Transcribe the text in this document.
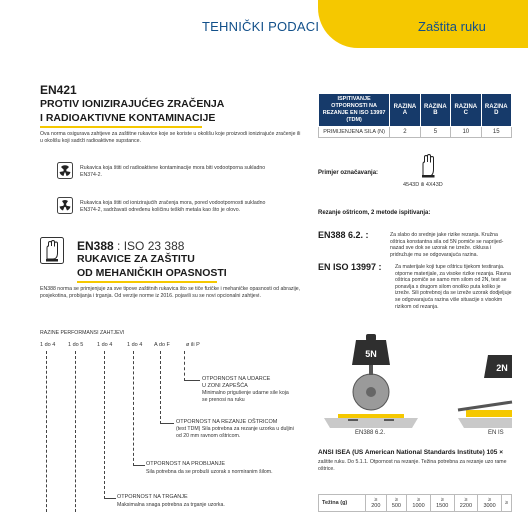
TEHNIČKI PODACI	Zaštita ruku
EN421
PROTIV IONIZIRAJUĆEG ZRAČENJA
I RADIOAKTIVNE KONTAMINACIJE
Ova norma osigurava zahtjeve za zaštitne rukavice koje se koriste u okolišu koje proizvodi ionizirajuće zračenje ili u okolišu koji sadrži radioaktivne supstance.
Rukavica koja štiti od radioaktivne kontaminacije mora biti vodootporna sukladno EN374-2.
Rukavica koja štiti od ionizirajućih zračenja mora, pored vodootpornosti sukladno EN374-2, sadržavati određenu količinu teških metala kao što je olovo.
EN388 : ISO 23 388
RUKAVICE ZA ZAŠTITU
OD MEHANIČKIH OPASNOSTI
EN388 norma se primjenjuje za sve tipove zaštitnih rukavica što se tiče fizičke i mehaničke opasnosti od abrazije, posjekotina, probijanja i trganja. Od verzije norme iz 2016. pojavili su se novi opcionalni zahtjevi.
RAZINE PERFORMANSI ZAHTJEVI
1 do 4 1 do 5 1 do 4	1 do 4 A do F	ø ili P
OTPORNOST NA UDARCE
U ZONI ZAPEŠĆA
Minimalno prigušenje udarne sile koja se prenosi na ruku
OTPORNOST NA REZANJE OŠTRICOM
(test TDM) Sila potrebna za rezanje uzorka u duljini od 20 mm ravnom oštricom.
OTPORNOST NA PROBIJANJE
Sila potrebna da se probuši uzorak s normiranim šilom.
OTPORNOST NA TRGANJE
Maksimalna snaga potrebna za trganje uzorka.
ISPITIVANJE OTPORNOSTI NA REZANJE EN ISO 13997 (TDM)	RAZINA A	RAZINA B	RAZINA C	RAZINA D
PRIMIJENJENA SILA (N)	2	5	10	15
Primjer označavanja:
4543D ili 4X43D
Rezanje oštricom, 2 metode ispitivanja:
EN388 6.2. :	Za slabo do srednje jake rizike rezanja. Kružna oštrica konstantna sila od 5N pomiče se naprijed-nazad sve dok se uzorak ne izreže. ciklusa i pridružuje mu se odgovarajuća razina.
EN ISO 13997 :	Za materijale koji tupe oštricu tijekom testiranja. otporne materijale, za visoke rizike rezanja. Ravna oštrica pomiče se samo mm silom od 2N, test se ponavlja s drugom silom onoliko puta koliko je izreže. Sili potrebnoj da se izreže uzorak dodjeljuje se odgovarajuća razina više situacije s visokim rizikom od rezanja.
5N
2N
EN388 6.2.	EN IS
ANSI ISEA (US American National Standards Institute) 105 ×
zaštite ruku. Do 5.1.1. Otpornost na rezanje. Težina potrebna za rezanje uzo rame oštrice.
Težina (g)	≥ 200	≥ 500	≥ 1000	≥ 1500	≥ 2200	≥ 3000	≥
